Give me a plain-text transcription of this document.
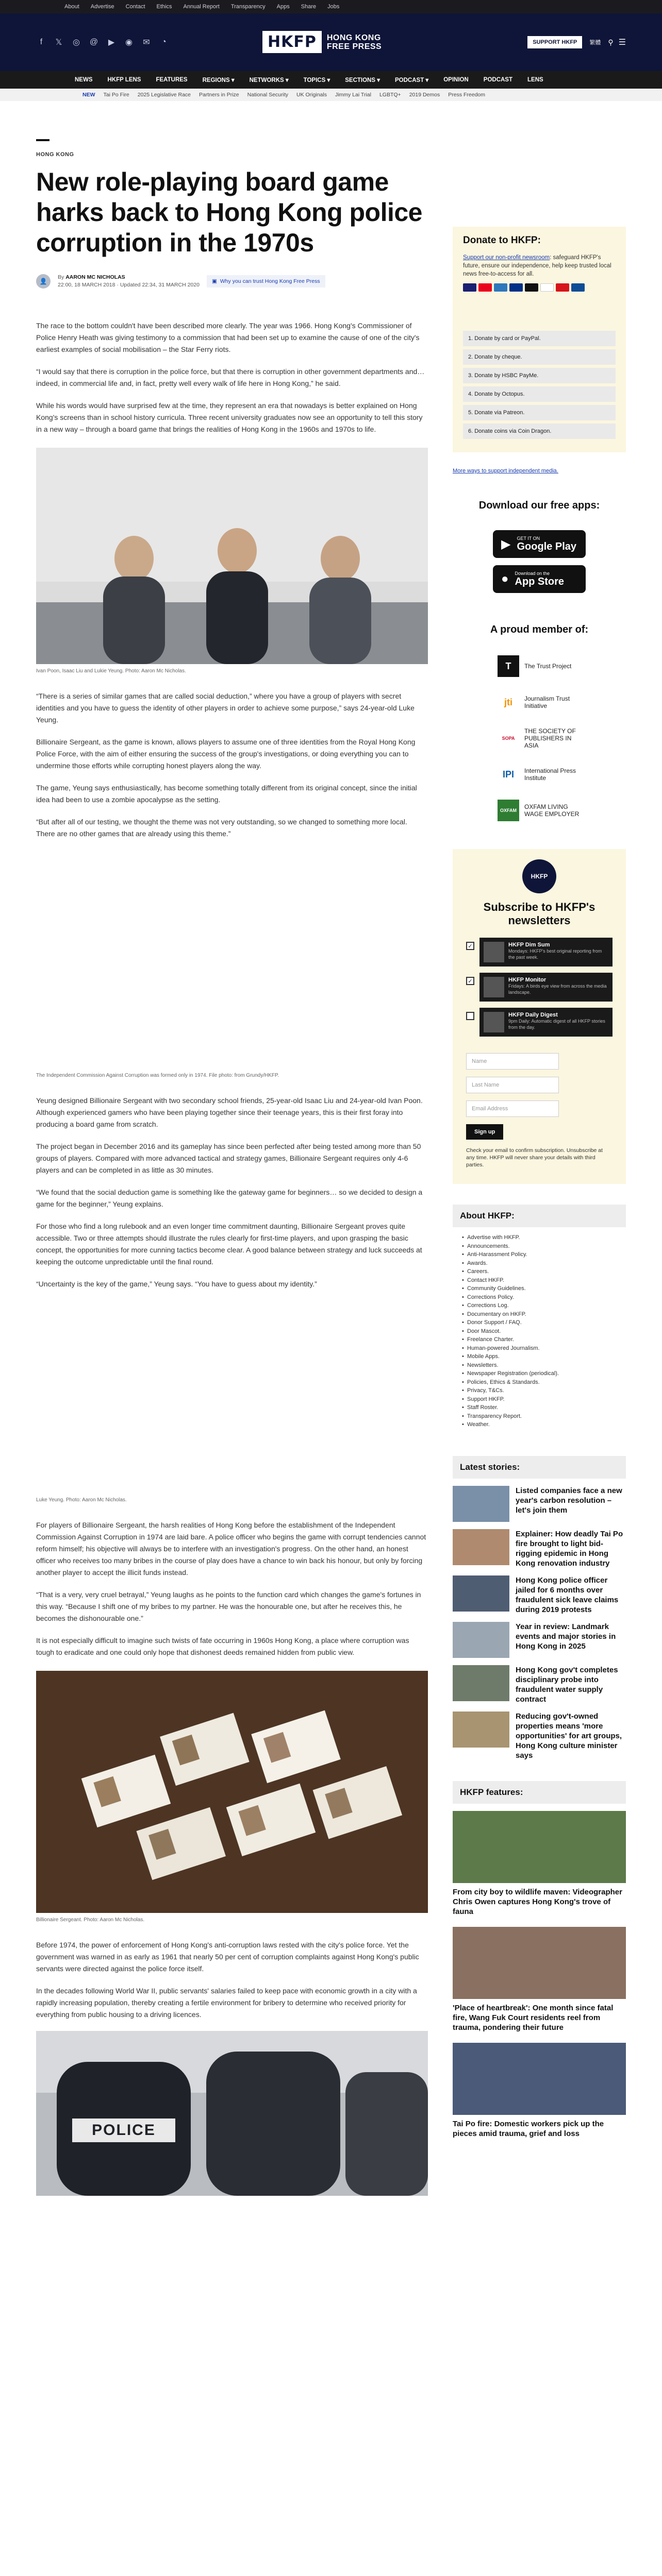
About Advertise Contact Ethics Annual Report Transparency Apps Share Jobs
f	𝕏 ◎ @ ▶ ◉ ✉	◔	HKFP	HONG KONG
FREE PRESS	SUPPORT HKFP	繁體 ⚲ ☰
NEWS	HKFP LENS	FEATURES	REGIONS ▾	NETWORKS ▾	TOPICS ▾	SECTIONS ▾	PODCAST ▾	OPINION	PODCAST	LENS
NEW Tai Po Fire 2025 Legislative Race Partners in Prize National Security UK Originals Jimmy Lai Trial LGBTQ+ 2019 Demos Press Freedom
HONG KONG
New role-playing board game harks back to Hong Kong police corruption in the 1970s
👤
By AARON MC NICHOLAS
22:00, 18 MARCH 2018 · Updated 22:34, 31 MARCH 2020
▣ Why you can trust Hong Kong Free Press

The race to the bottom couldn't have been described more clearly. The year was 1966. Hong Kong's Commissioner of Police Henry Heath was giving testimony to a commission that had been set up to examine the cause of one of the city's earliest examples of social mobilisation – the Star Ferry riots.

“I would say that there is corruption in the police force, but that there is corruption in other government departments and… indeed, in commercial life and, in fact, pretty well every walk of life here in Hong Kong,” he said.

While his words would have surprised few at the time, they represent an era that nowadays is better explained on Hong Kong's screens than in school history curricula. Three recent university graduates now see an opportunity to tell this story in a new way – through a board game that brings the realities of Hong Kong in the 1960s and 1970s to life.

Ivan Poon, Isaac Liu and Lukie Yeung. Photo: Aaron Mc Nicholas.

“There is a series of similar games that are called social deduction,” where you have a group of players with secret identities and you have to guess the identity of other players in order to achieve some purpose,” says 24-year-old Luke Yeung.

Billionaire Sergeant, as the game is known, allows players to assume one of three identities from the Royal Hong Kong Police Force, with the aim of either ensuring the success of the group's investigations, or doing everything you can to undermine those efforts while corrupting honest players along the way.

The game, Yeung says enthusiastically, has become something totally different from its original concept, since the initial idea had been to use a zombie apocalypse as the setting.

“But after all of our testing, we thought the theme was not very outstanding, so we changed to something more local. There are no other games that are already using this theme.”

The Independent Commission Against Corruption was formed only in 1974. File photo: from Grundy/HKFP.

Yeung designed Billionaire Sergeant with two secondary school friends, 25-year-old Isaac Liu and 24-year-old Ivan Poon. Although experienced gamers who have been playing together since their teenage years, this is their first foray into producing a board game from scratch.

The project began in December 2016 and its gameplay has since been perfected after being tested among more than 50 groups of players. Compared with more advanced tactical and strategy games, Billionaire Sergeant requires only 4-6 players and can be completed in as little as 30 minutes.

“We found that the social deduction game is something like the gateway game for beginners… so we decided to design a game for the beginner,” Yeung explains.

For those who find a long rulebook and an even longer time commitment daunting, Billionaire Sergeant proves quite accessible. Two or three attempts should illustrate the rules clearly for first-time players, and upon grasping the basic concept, the opportunities for more cunning tactics become clear. A good balance between strategy and luck succeeds at keeping the outcome unpredictable until the final round.

“Uncertainty is the key of the game,” Yeung says. “You have to guess about my identity.”

Luke Yeung. Photo: Aaron Mc Nicholas.

For players of Billionaire Sergeant, the harsh realities of Hong Kong before the establishment of the Independent Commission Against Corruption in 1974 are laid bare. A police officer who begins the game with corrupt tendencies cannot reform himself; his objective will always be to interfere with an investigation's progress. On the other hand, an honest officer who receives too many bribes in the course of play does have a chance to win back his honour, but only by forcing another player to accept the illicit funds instead.

“That is a very, very cruel betrayal,” Yeung laughs as he points to the function card which changes the game's fortunes in this way. “Because I shift one of my bribes to my partner. He was the honourable one, but after he receives this, he becomes the dishonourable one.”

It is not especially difficult to imagine such twists of fate occurring in 1960s Hong Kong, a place where corruption was tough to eradicate and one could only hope that dishonest deeds remained hidden from public view.

Billionaire Sergeant. Photo: Aaron Mc Nicholas.

Before 1974, the power of enforcement of Hong Kong's anti-corruption laws rested with the city's police force. Yet the government was warned in as early as 1961 that nearly 50 per cent of corruption complaints against Hong Kong's public servants were directed against the police force itself.

In the decades following World War II, public servants' salaries failed to keep pace with economic growth in a city with a rapidly increasing population, thereby creating a fertile environment for bribery to determine who received priority for everything from public housing to a driving licences.

POLICE
Donate to HKFP:
Support our non-profit newsroom: safeguard HKFP's future, ensure our independence, help keep trusted local news free-to-access for all.
1. Donate by card or PayPal.
2. Donate by cheque.
3. Donate by HSBC PayMe.
4. Donate by Octopus.
5. Donate via Patreon.
6. Donate coins via Coin Dragon.
More ways to support independent media.
Download our free apps:
▶ GET IT ON
Google Play
● Download on the
App Store
A proud member of:
T	The Trust Project
jti	Journalism Trust Initiative
SOPA
THE SOCIETY OF PUBLISHERS IN ASIA
IPI	International Press Institute
OXFAM	OXFAM LIVING WAGE EMPLOYER
HKFP
Subscribe to HKFP's newsletters
✓	HKFP Dim Sum
Mondays: HKFP's best original reporting from the past week.
✓	HKFP Monitor
Fridays: A birds eye view from across the media landscape.
HKFP Daily Digest
9pm Daily: Automatic digest of all HKFP stories from the day.
Name
Last Name
Email Address
Sign up
Check your email to confirm subscription. Unsubscribe at any time. HKFP will never share your details with third parties.
About HKFP:
Advertise with HKFP.
•
Announcements.
•
Anti-Harassment Policy.
•
Awards.
•
Careers.
•
Contact HKFP.
•
Community Guidelines.
•
Corrections Policy.
•
Corrections Log.
•
Documentary on HKFP.
•
Donor Support / FAQ.
•
Door Mascot.
•
Freelance Charter.
•
Human-powered Journalism.
•
Mobile Apps.
•
Newsletters.
•
Newspaper Registration (periodical).
•
Policies, Ethics & Standards.
•
Privacy, T&Cs.
•
Support HKFP.
•
Staff Roster.
•
Transparency Report.
•
Weather.
•
Latest stories:
Listed companies face a new year's carbon resolution – let's join them
Explainer: How deadly Tai Po fire brought to light bid-rigging epidemic in Hong Kong renovation industry
Hong Kong police officer jailed for 6 months over fraudulent sick leave claims during 2019 protests
Year in review: Landmark events and major stories in Hong Kong in 2025
Hong Kong gov't completes disciplinary probe into fraudulent water supply contract
Reducing gov't-owned properties means 'more opportunities' for art groups, Hong Kong culture minister says
HKFP features:
From city boy to wildlife maven: Videographer Chris Owen captures Hong Kong's trove of fauna
'Place of heartbreak': One month since fatal fire, Wang Fuk Court residents reel from trauma, pondering their future
Tai Po fire: Domestic workers pick up the pieces amid trauma, grief and loss
